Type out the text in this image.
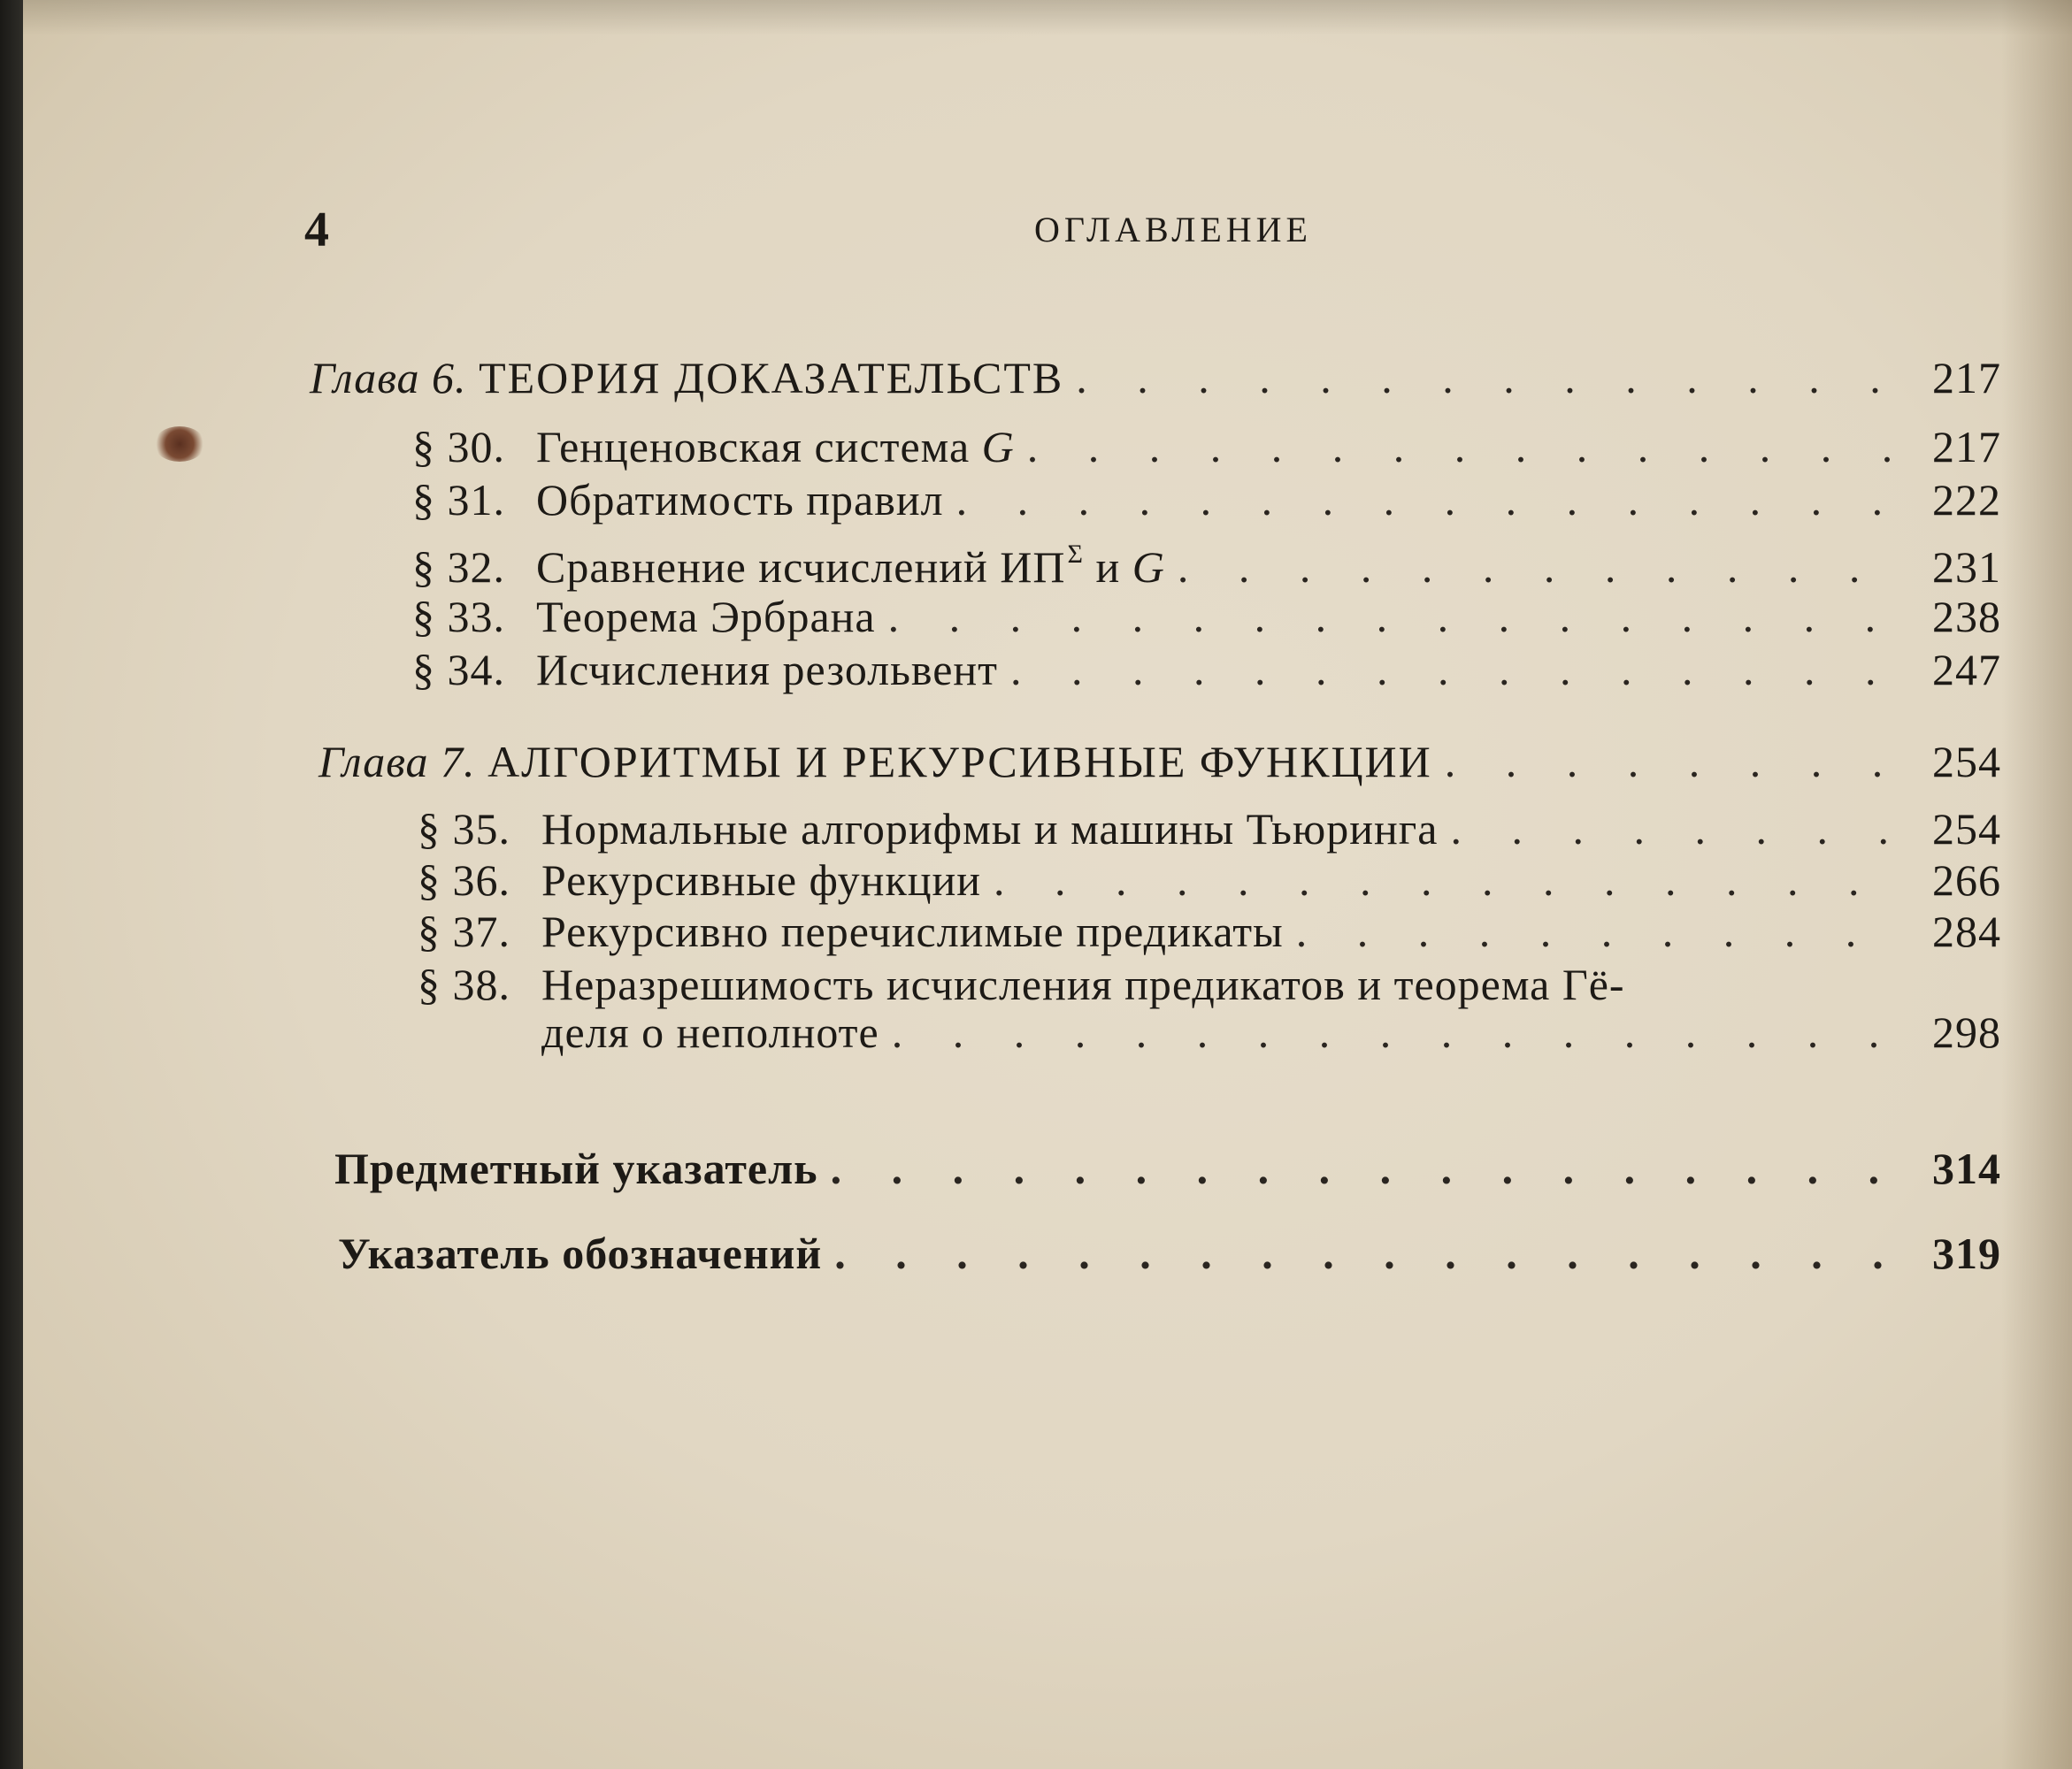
4	ОГЛАВЛЕНИЕ
Глава 6. ТЕОРИЯ ДОКАЗАТЕЛЬСТВ . . .	217
§ 30. Генценовская система G . . .	217
§ 31. Обратимость правил . . .	222
§ 32. Сравнение исчислений $ИП^\Sigma$ и G . . .	231
§ 33. Теорема Эрбрана . . .	238
§ 34. Исчисления резольвент . . .	247
Глава 7. АЛГОРИТМЫ И РЕКУРСИВНЫЕ ФУНКЦИИ . . .	254
§ 35. Нормальные алгорифмы и машины Тьюринга . . .	254
§ 36. Рекурсивные функции . . .	266
§ 37. Рекурсивно перечислимые предикаты . . .	284
§ 38. Неразрешимость исчисления предикатов и теорема Гё-
деля о неполноте . . .	298
Предметный указатель . . .	314
Указатель обозначений . . .	319
